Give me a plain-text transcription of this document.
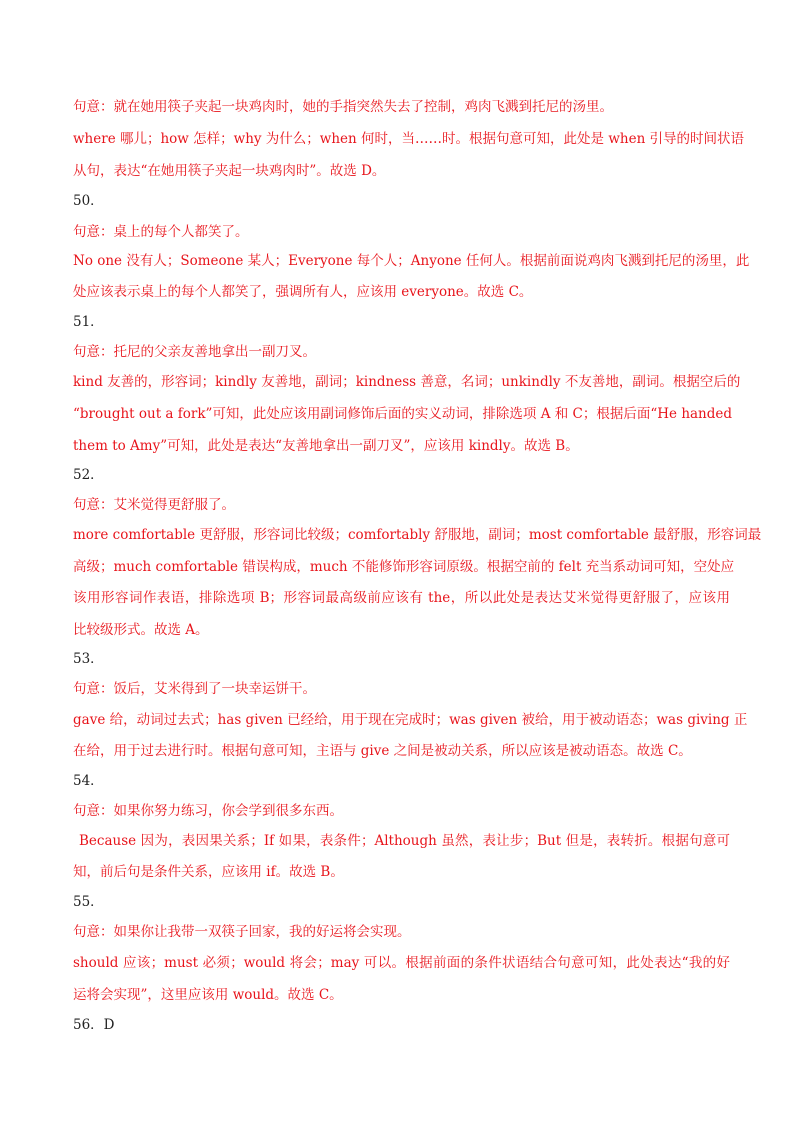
句意：就在她用筷子夹起一块鸡肉时，她的手指突然失去了控制，鸡肉飞溅到托尼的汤里。
where 哪儿；how 怎样；why 为什么；when 何时，当……时。根据句意可知，此处是 when 引导的时间状语
从句，表达“在她用筷子夹起一块鸡肉时”。故选 D。
50．
句意：桌上的每个人都笑了。
No one 没有人；Someone 某人；Everyone 每个人；Anyone 任何人。根据前面说鸡肉飞溅到托尼的汤里，此
处应该表示桌上的每个人都笑了，强调所有人，应该用 everyone。故选 C。
51．
句意：托尼的父亲友善地拿出一副刀叉。
kind 友善的，形容词；kindly 友善地，副词；kindness 善意，名词；unkindly 不友善地，副词。根据空后的
“brought out a fork”可知，此处应该用副词修饰后面的实义动词，排除选项 A 和 C；根据后面“He handed
them to Amy”可知，此处是表达“友善地拿出一副刀叉”，应该用 kindly。故选 B。
52．
句意：艾米觉得更舒服了。
more comfortable 更舒服，形容词比较级；comfortably 舒服地，副词；most comfortable 最舒服，形容词最
高级；much comfortable 错误构成，much 不能修饰形容词原级。根据空前的 felt 充当系动词可知，空处应
该用形容词作表语，排除选项 B；形容词最高级前应该有 the，所以此处是表达艾米觉得更舒服了，应该用
比较级形式。故选 A。
53．
句意：饭后，艾米得到了一块幸运饼干。
gave 给，动词过去式；has given 已经给，用于现在完成时；was given 被给，用于被动语态；was giving 正
在给，用于过去进行时。根据句意可知，主语与 give 之间是被动关系，所以应该是被动语态。故选 C。
54．
句意：如果你努力练习，你会学到很多东西。
Because 因为，表因果关系；If 如果，表条件；Although 虽然，表让步；But 但是，表转折。根据句意可
知，前后句是条件关系，应该用 if。故选 B。
55．
句意：如果你让我带一双筷子回家，我的好运将会实现。
should 应该；must 必须；would 将会；may 可以。根据前面的条件状语结合句意可知，此处表达“我的好
运将会实现”，这里应该用 would。故选 C。
56．D
